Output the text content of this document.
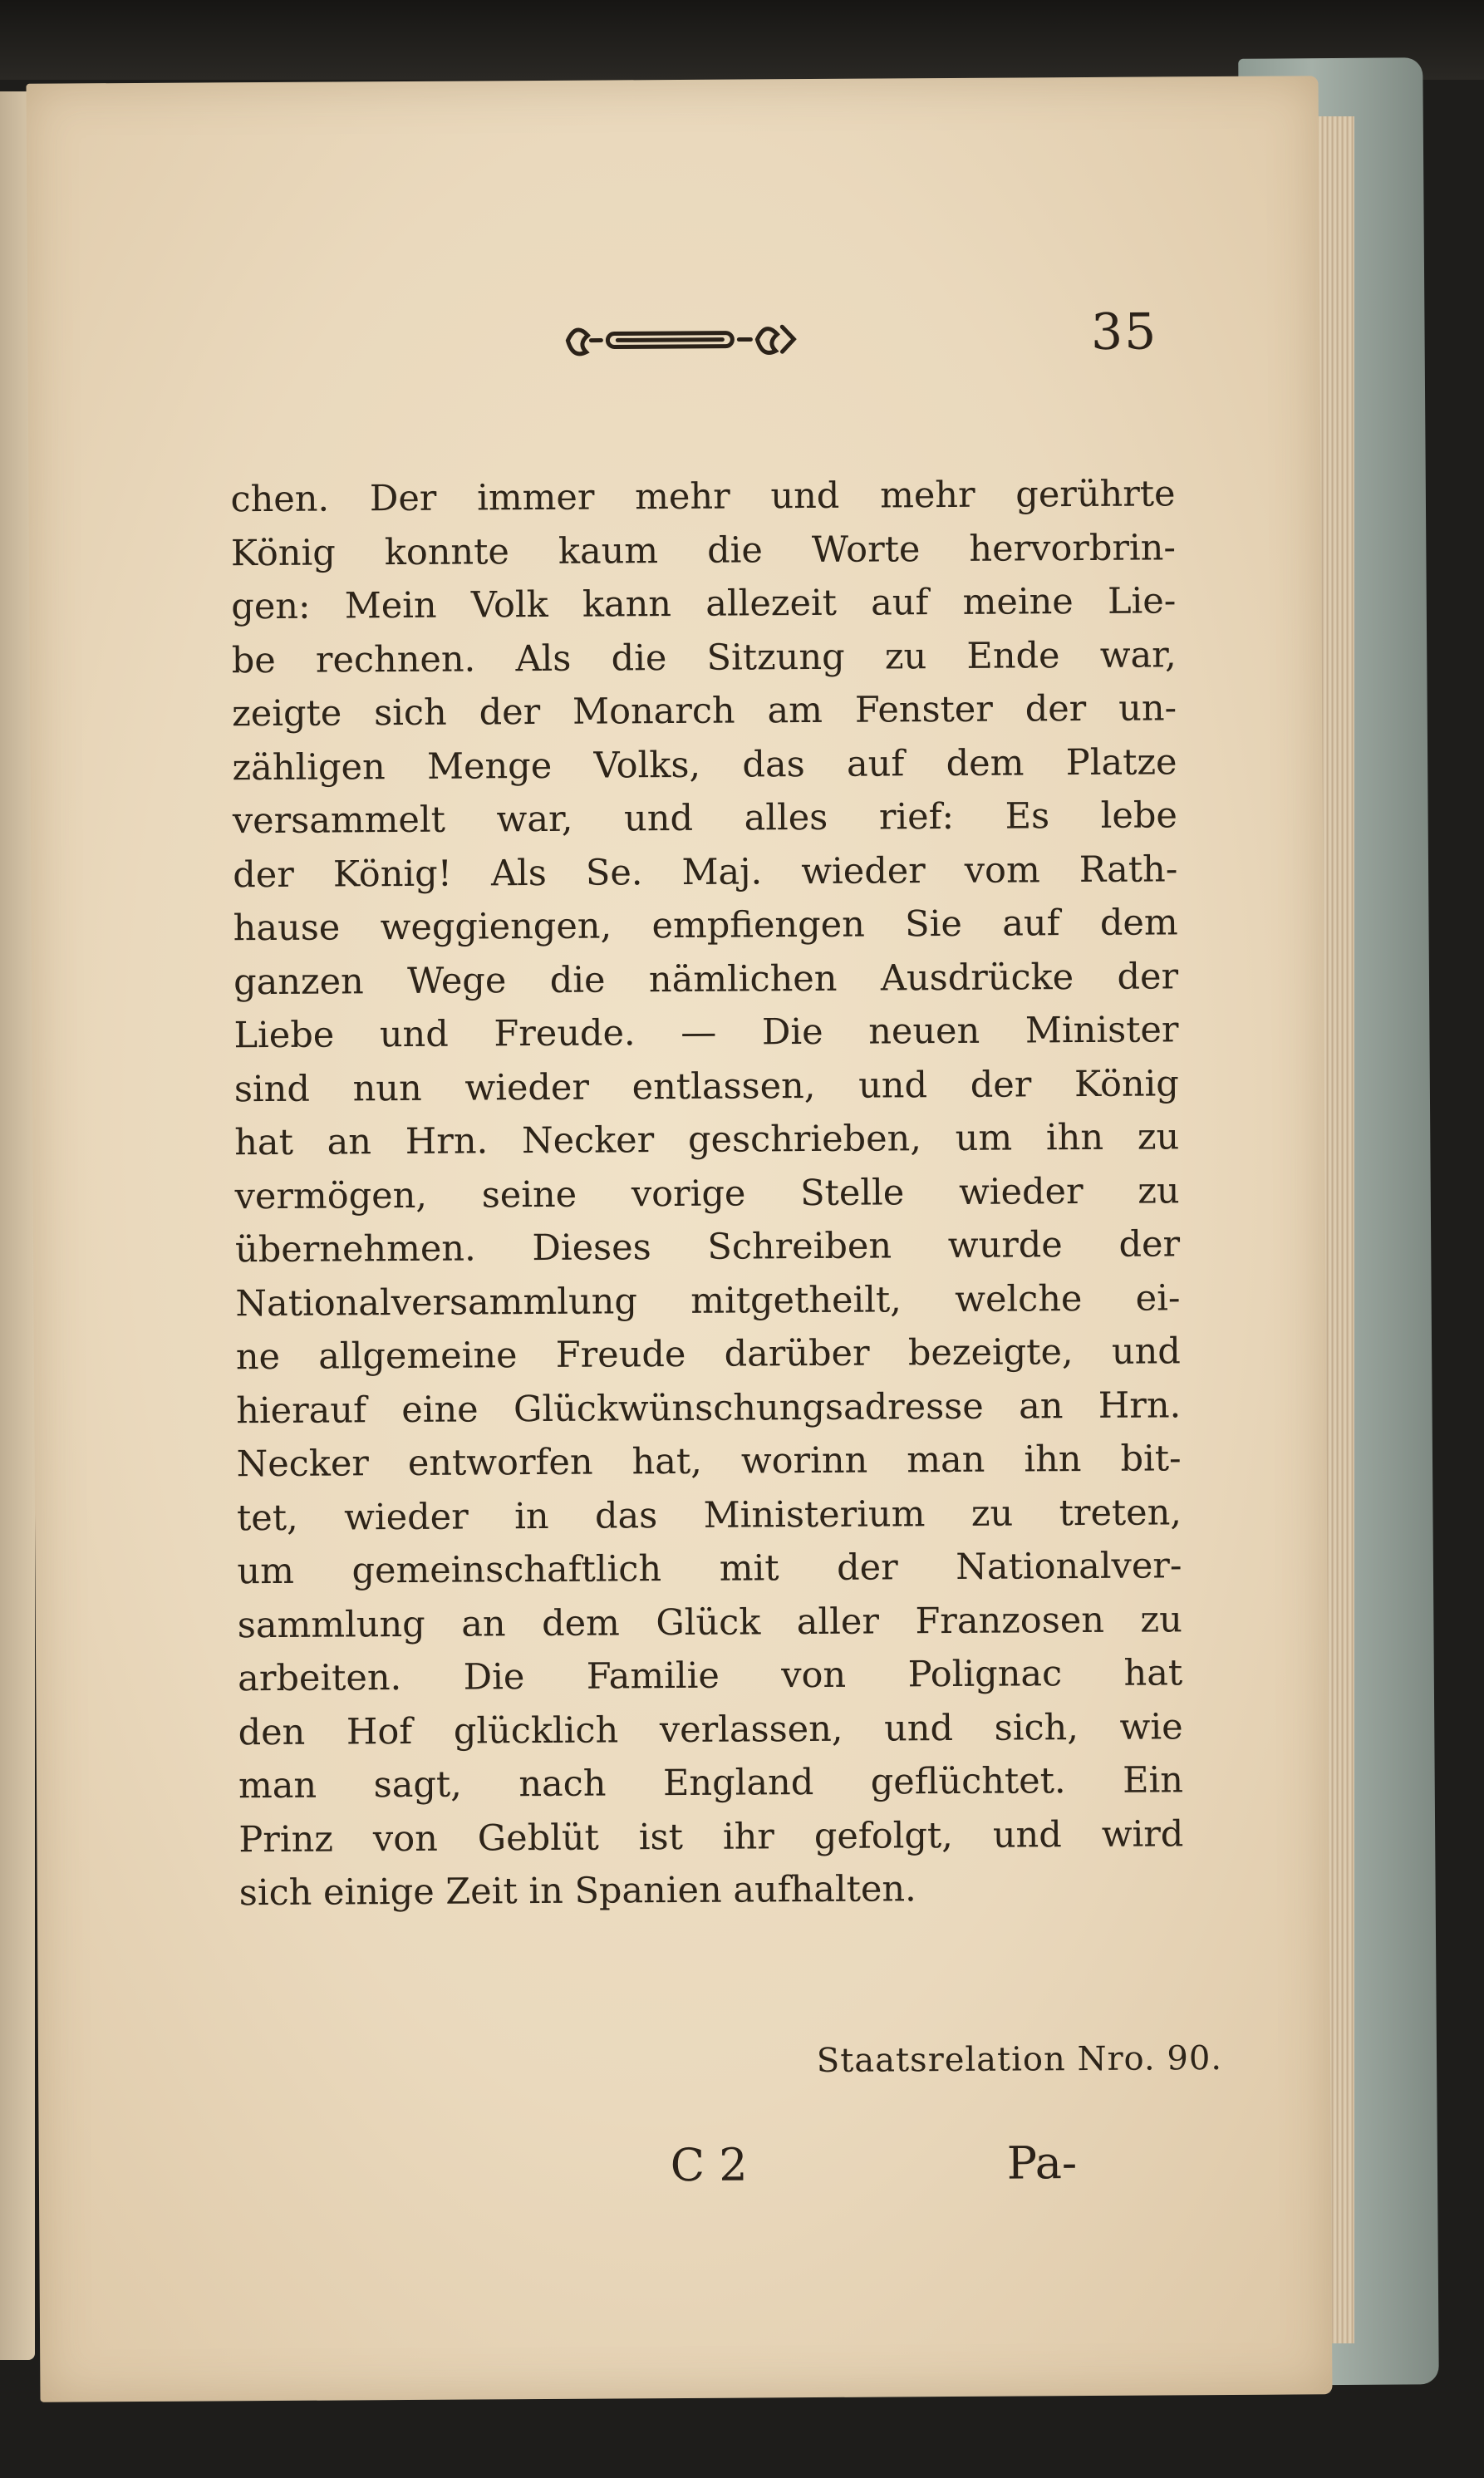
35
chen. Der immer mehr und mehr gerührte
König konnte kaum die Worte hervorbrin-
gen: Mein Volk kann allezeit auf meine Lie-
be rechnen. Als die Sitzung zu Ende war,
zeigte sich der Monarch am Fenster der un-
zähligen Menge Volks, das auf dem Platze
versammelt war, und alles rief: Es lebe
der König! Als Se. Maj. wieder vom Rath-
hause weggiengen, empfiengen Sie auf dem
ganzen Wege die nämlichen Ausdrücke der
Liebe und Freude. — Die neuen Minister
sind nun wieder entlassen, und der König
hat an Hrn. Necker geschrieben, um ihn zu
vermögen, seine vorige Stelle wieder zu
übernehmen. Dieses Schreiben wurde der
Nationalversammlung mitgetheilt, welche ei-
ne allgemeine Freude darüber bezeigte, und
hierauf eine Glückwünschungsadresse an Hrn.
Necker entworfen hat, worinn man ihn bit-
tet, wieder in das Ministerium zu treten,
um gemeinschaftlich mit der Nationalver-
sammlung an dem Glück aller Franzosen zu
arbeiten. Die Familie von Polignac hat
den Hof glücklich verlassen, und sich, wie
man sagt, nach England geflüchtet. Ein
Prinz von Geblüt ist ihr gefolgt, und wird
sich einige Zeit in Spanien aufhalten.

Staatsrelation Nro. 90.

C 2	Pa-
